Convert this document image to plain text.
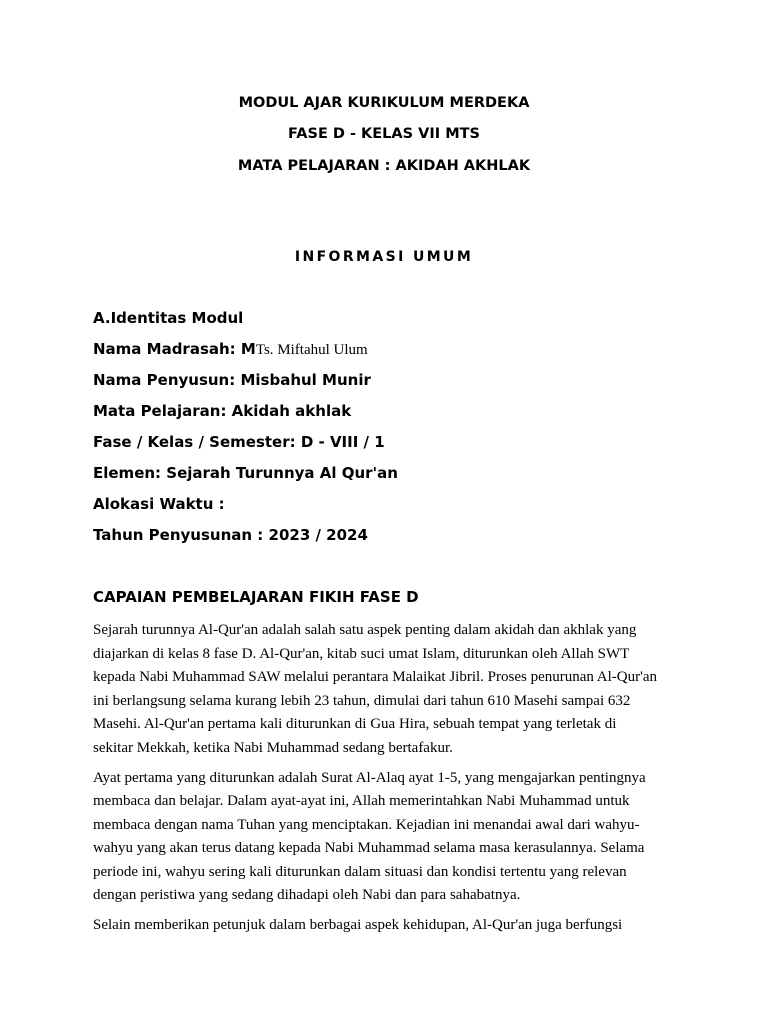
MODUL AJAR KURIKULUM MERDEKA
FASE D - KELAS VII MTS
MATA PELAJARAN : AKIDAH AKHLAK
INFORMASI UMUM
A.Identitas Modul
Nama Madrasah: MTs. Miftahul Ulum
Nama Penyusun: Misbahul Munir
Mata Pelajaran: Akidah akhlak
Fase / Kelas / Semester: D - VIII / 1
Elemen: Sejarah Turunnya Al Qur'an
Alokasi Waktu :
Tahun Penyusunan : 2023 / 2024
CAPAIAN PEMBELAJARAN FIKIH FASE D
Sejarah turunnya Al-Qur'an adalah salah satu aspek penting dalam akidah dan akhlak yang
diajarkan di kelas 8 fase D. Al-Qur'an, kitab suci umat Islam, diturunkan oleh Allah SWT
kepada Nabi Muhammad SAW melalui perantara Malaikat Jibril. Proses penurunan Al-Qur'an
ini berlangsung selama kurang lebih 23 tahun, dimulai dari tahun 610 Masehi sampai 632
Masehi. Al-Qur'an pertama kali diturunkan di Gua Hira, sebuah tempat yang terletak di
sekitar Mekkah, ketika Nabi Muhammad sedang bertafakur.
Ayat pertama yang diturunkan adalah Surat Al-Alaq ayat 1-5, yang mengajarkan pentingnya
membaca dan belajar. Dalam ayat-ayat ini, Allah memerintahkan Nabi Muhammad untuk
membaca dengan nama Tuhan yang menciptakan. Kejadian ini menandai awal dari wahyu-
wahyu yang akan terus datang kepada Nabi Muhammad selama masa kerasulannya. Selama
periode ini, wahyu sering kali diturunkan dalam situasi dan kondisi tertentu yang relevan
dengan peristiwa yang sedang dihadapi oleh Nabi dan para sahabatnya.
Selain memberikan petunjuk dalam berbagai aspek kehidupan, Al-Qur'an juga berfungsi
